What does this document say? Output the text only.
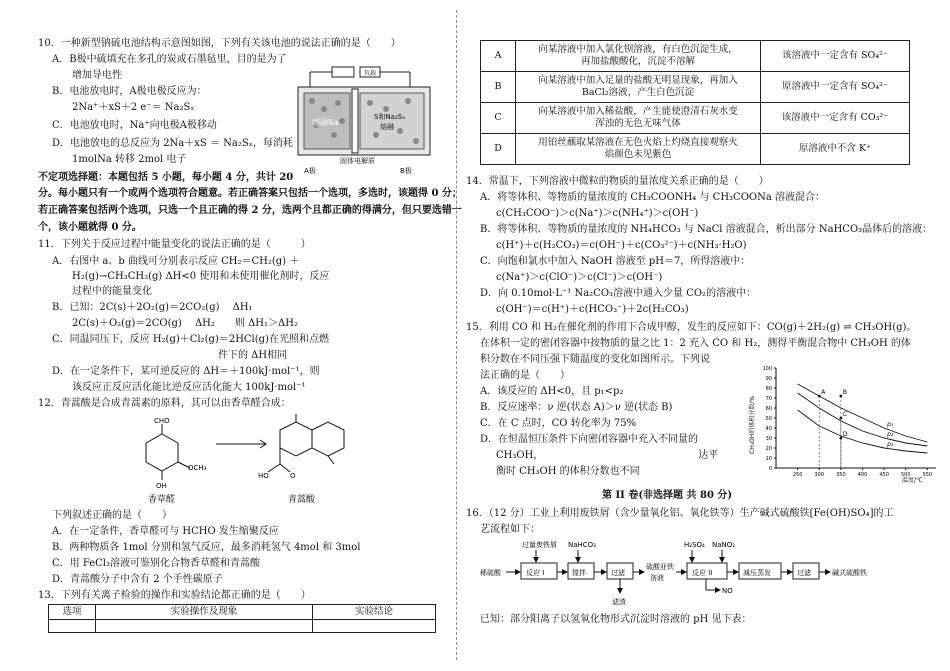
10．一种新型钠硫电池结构示意图如图，下列有关该电池的说法正确的是（　　）
A．B极中硫填充在多孔的炭或石墨毡里，目的是为了
增加导电性
B．电池放电时，A极电极反应为：
2Na⁺＋xS＋2 e⁻＝ Na₂Sₓ
C．电池放电时，Na⁺向电极A极移动
D．电池放电的总反应为 2Na＋xS ＝ Na₂Sₓ，每消耗
1molNa 转移 2mol 电子
负载
熔融Na
S和Na₂Sₓ
熔融
固体电解质
A极	B极
不定项选择题：本题包括 5 小题，每小题 4 分，共计 20
分。每小题只有一个或两个选项符合题意。若正确答案只包括一个选项，多选时，该题得 0 分；
若正确答案包括两个选项，只选一个且正确的得 2 分，选两个且都正确的得满分，但只要选错一
个，该小题就得 0 分。
11．下列关于反应过程中能量变化的说法正确的是（　　　）
A．右图中 a、b 曲线可分别表示反应 CH₂＝CH₂(g) ＋
H₂(g)→CH₃CH₃(g) ΔH<0 使用和未使用催化剂时，反应
过程中的能量变化
B．已知：2C(s)＋2O₂(g)＝2CO₂(g)　 ΔH₁
2C(s)＋O₂(g)＝2CO(g)　 ΔH₂　　则 ΔH₁＞ΔH₂
C．同温同压下，反应 H₂(g)＋Cl₂(g)＝2HCl(g)在光照和点燃
件下的 ΔH相同
D．在一定条件下，某可逆反应的 ΔH＝＋100kJ·mol⁻¹，则
该反应正反应活化能比逆反应活化能大 100kJ·mol⁻¹
12．青蒿酸是合成青蒿素的原料，其可以由香草醛合成：
CHO
OCH₃
OH
香草醛
HO	O
青蒿酸
下列叙述正确的是（　　）
A．在一定条件，香草醛可与 HCHO 发生缩聚反应
B．两种物质各 1mol 分别和氢气反应，最多消耗氢气 4mol 和 3mol
C．用 FeCl₃溶液可鉴别化合物香草醛和青蒿酸
D．青蒿酸分子中含有 2 个手性碳原子
13．下列有关离子检验的操作和实验结论都正确的是（　　）
选项	实验操作及现象	实验结论

A	向某溶液中加入氯化钡溶液，有白色沉淀生成，
再加盐酸酸化，沉淀不溶解	该溶液中一定含有 SO₄²⁻
B	向某溶液中加入足量的盐酸无明显现象，再加入
BaCl₂溶液，产生白色沉淀	原溶液中一定含有 SO₄²⁻
C	向某溶液中加入稀盐酸，产生能使澄清石灰水变
浑浊的无色无味气体	该溶液中一定含有 CO₃²⁻
D	用铂丝蘸取某溶液在无色火焰上灼烧直接观察火
焰颜色未见紫色	原溶液中不含 K⁺
14．常温下，下列溶液中微粒的物质的量浓度关系正确的是（　　）
A．将等体积、等物质的量浓度的 CH₃COONH₄ 与 CH₃COONa 溶液混合：
c(CH₃COO⁻)＞c(Na⁺)＞c(NH₄⁺)＞c(OH⁻)
B．将等体积、等物质的量浓度的 NH₄HCO₃ 与 NaCl 溶液混合，析出部分 NaHCO₃晶体后的溶液：
c(H⁺)＋c(H₂CO₃)＝c(OH⁻)＋c(CO₃²⁻)＋c(NH₃·H₂O)
C．向饱和氯水中加入 NaOH 溶液至 pH＝7，所得溶液中：
c(Na⁺)＞c(ClO⁻)＞c(Cl⁻)＞c(OH⁻)
D．向 0.10mol·L⁻¹ Na₂CO₃溶液中通入少量 CO₂的溶液中：
c(OH⁻)＝c(H⁺)＋c(HCO₃⁻)＋2c(H₂CO₃)
15．利用 CO 和 H₂在催化剂的作用下合成甲醇，发生的反应如下：CO(g)＋2H₂(g) ⇌ CH₃OH(g)。
在体积一定的密闭容器中按物质的量之比 1：2 充入 CO 和 H₂，测得平衡混合物中 CH₃OH 的体
积分数在不同压强下随温度的变化如图所示。下列说
法正确的是（　　）
A．该反应的 ΔH<0，且 p₁<p₂
B．反应速率：ν 逆(状态 A)＞ν 逆(状态 B)
C．在 C 点时，CO 转化率为 75%
D．在恒温恒压条件下向密闭容器中充入不同量的
CH₃OH，　　　　　　　　　　　　　　　　达平
衡时 CH₃OH 的体积分数也不同
CH₃OH的体积分数/%
温度/℃
0
10
20
30
40
50
60
70
80
90
100
250 300 350 400 450 500 550
p₁
p₂
p₃
A	B
C
D
第 II 卷(非选择题 共 80 分)
16．（12 分）工业上利用废铁屑（含少量氧化铝、氧化铁等）生产碱式硫酸铁[Fe(OH)SO₄]的工
艺流程如下：
过量废铁屑 NaHCO₃	H₂SO₄ NaNO₂
稀硫酸	反应 I	搅拌	过滤
滤渣
硫酸亚铁
溶液
反应 II
NO
减压蒸发	过滤	碱式硫酸铁
已知：部分阳离子以氢氧化物形式沉淀时溶液的 pH 见下表：
